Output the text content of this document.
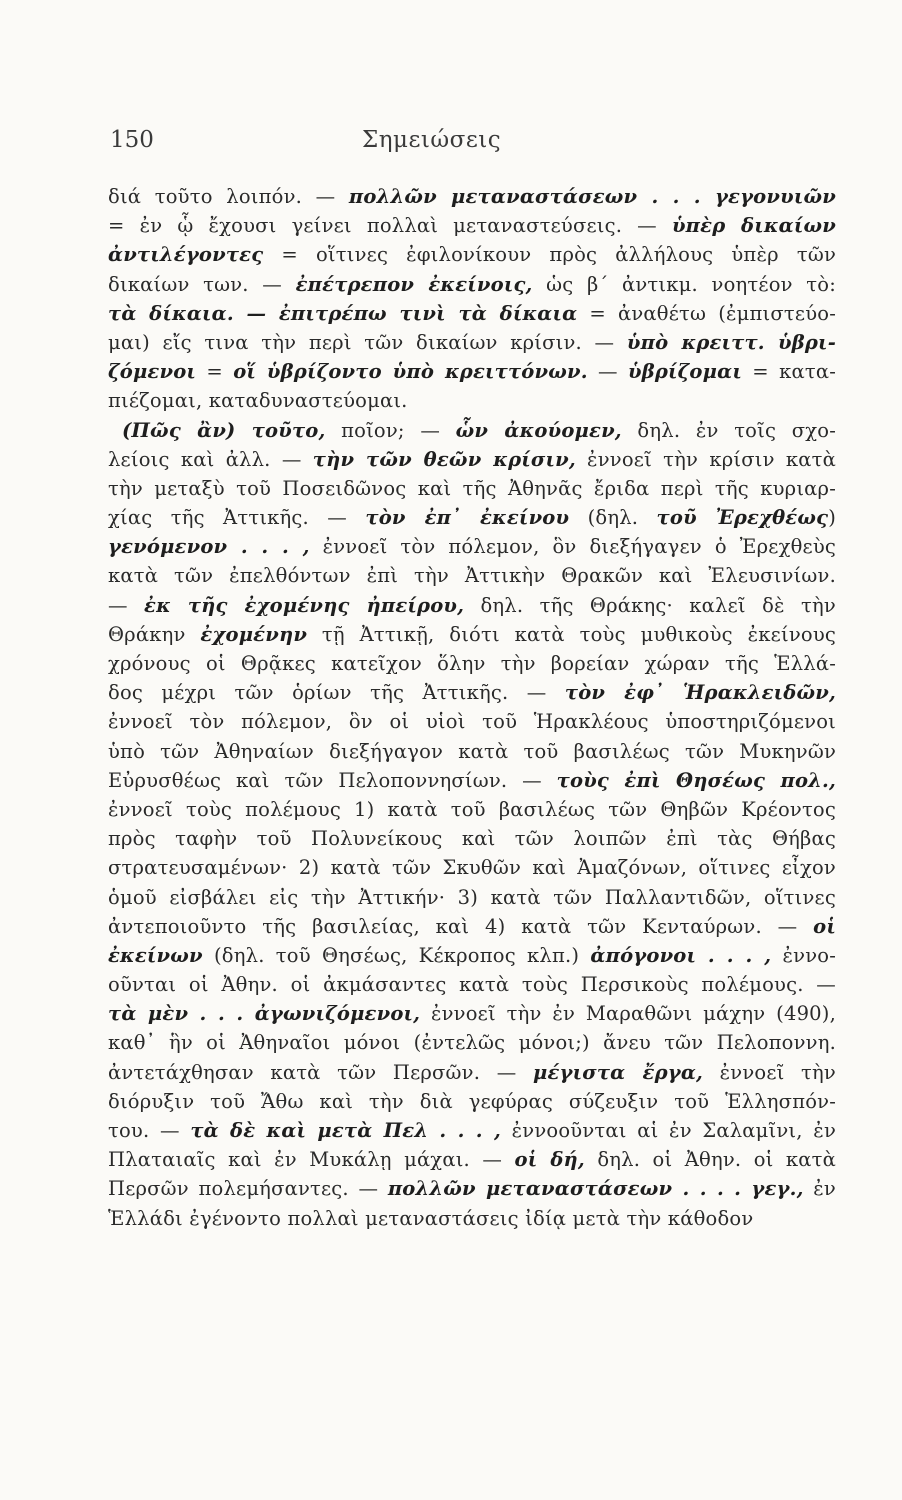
150	Σημειώσεις
διά τοῦτο λοιπόν. — πολλῶν μεταναστάσεων . . . γεγονυιῶν
= ἐν ᾧ ἔχουσι γείνει πολλαὶ μεταναστεύσεις. — ὑπὲρ δικαίων
ἀντιλέγοντες = οἵτινες ἐφιλονίκουν πρὸς ἀλλήλους ὑπὲρ τῶν
δικαίων των. — ἐπέτρεπον ἐκείνοις, ὡς β΄ ἀντικμ. νοητέον τὸ:
τὰ δίκαια. — ἐπιτρέπω τινὶ τὰ δίκαια = ἀναθέτω (ἐμπιστεύο-
μαι) εἴς τινα τὴν περὶ τῶν δικαίων κρίσιν. — ὑπὸ κρειττ. ὑβρι-
ζόμενοι = οἵ ὑβρίζοντο ὑπὸ κρειττόνων. — ὑβρίζομαι = κατα-
πιέζομαι, καταδυναστεύομαι.
(Πῶς ἂν) τοῦτο, ποῖον; — ὧν ἀκούομεν, δηλ. ἐν τοῖς σχο-
λείοις καὶ ἀλλ. — τὴν τῶν θεῶν κρίσιν, ἐννοεῖ τὴν κρίσιν κατὰ
τὴν μεταξὺ τοῦ Ποσειδῶνος καὶ τῆς Ἀθηνᾶς ἔριδα περὶ τῆς κυριαρ-
χίας τῆς Ἀττικῆς. — τὸν ἐπ᾽ ἐκείνου (δηλ. τοῦ Ἐρεχθέως)
γενόμενον . . . , ἐννοεῖ τὸν πόλεμον, ὃν διεξήγαγεν ὁ Ἐρεχθεὺς
κατὰ τῶν ἐπελθόντων ἐπὶ τὴν Ἀττικὴν Θρακῶν καὶ Ἐλευσινίων.
— ἐκ τῆς ἐχομένης ἠπείρου, δηλ. τῆς Θράκης· καλεῖ δὲ τὴν
Θράκην ἐχομένην τῇ Ἀττικῇ, διότι κατὰ τοὺς μυθικοὺς ἐκείνους
χρόνους οἱ Θρᾷκες κατεῖχον ὅλην τὴν βορείαν χώραν τῆς Ἑλλά-
δος μέχρι τῶν ὁρίων τῆς Ἀττικῆς. — τὸν ἐφ᾽ Ἡρακλειδῶν,
ἐννοεῖ τὸν πόλεμον, ὃν οἱ υἱοὶ τοῦ Ἡρακλέους ὑποστηριζόμενοι
ὑπὸ τῶν Ἀθηναίων διεξήγαγον κατὰ τοῦ βασιλέως τῶν Μυκηνῶν
Εὐρυσθέως καὶ τῶν Πελοποννησίων. — τοὺς ἐπὶ Θησέως πολ.,
ἐννοεῖ τοὺς πολέμους 1) κατὰ τοῦ βασιλέως τῶν Θηβῶν Κρέοντος
πρὸς ταφὴν τοῦ Πολυνείκους καὶ τῶν λοιπῶν ἐπὶ τὰς Θήβας
στρατευσαμένων· 2) κατὰ τῶν Σκυθῶν καὶ Ἀμαζόνων, οἵτινες εἶχον
ὁμοῦ εἰσβάλει εἰς τὴν Ἀττικήν· 3) κατὰ τῶν Παλλαντιδῶν, οἵτινες
ἀντεποιοῦντο τῆς βασιλείας, καὶ 4) κατὰ τῶν Κενταύρων. — οἱ
ἐκείνων (δηλ. τοῦ Θησέως, Κέκροπος κλπ.) ἀπόγονοι . . . , ἐννο-
οῦνται οἱ Ἀθην. οἱ ἀκμάσαντες κατὰ τοὺς Περσικοὺς πολέμους. —
τὰ μὲν . . . ἀγωνιζόμενοι, ἐννοεῖ τὴν ἐν Μαραθῶνι μάχην (490),
καθ᾽ ἣν οἱ Ἀθηναῖοι μόνοι (ἐντελῶς μόνοι;) ἄνευ τῶν Πελοποννη.
ἀντετάχθησαν κατὰ τῶν Περσῶν. — μέγιστα ἔργα, ἐννοεῖ τὴν
διόρυξιν τοῦ Ἄθω καὶ τὴν διὰ γεφύρας σύζευξιν τοῦ Ἑλλησπόν-
του. — τὰ δὲ καὶ μετὰ Πελ . . . , ἐννοοῦνται αἱ ἐν Σαλαμῖνι, ἐν
Πλαταιαῖς καὶ ἐν Μυκάλῃ μάχαι. — οἱ δή, δηλ. οἱ Ἀθην. οἱ κατὰ
Περσῶν πολεμήσαντες. — πολλῶν μεταναστάσεων . . . . γεγ., ἐν
Ἑλλάδι ἐγένοντο πολλαὶ μεταναστάσεις ἰδίᾳ μετὰ τὴν κάθοδον
